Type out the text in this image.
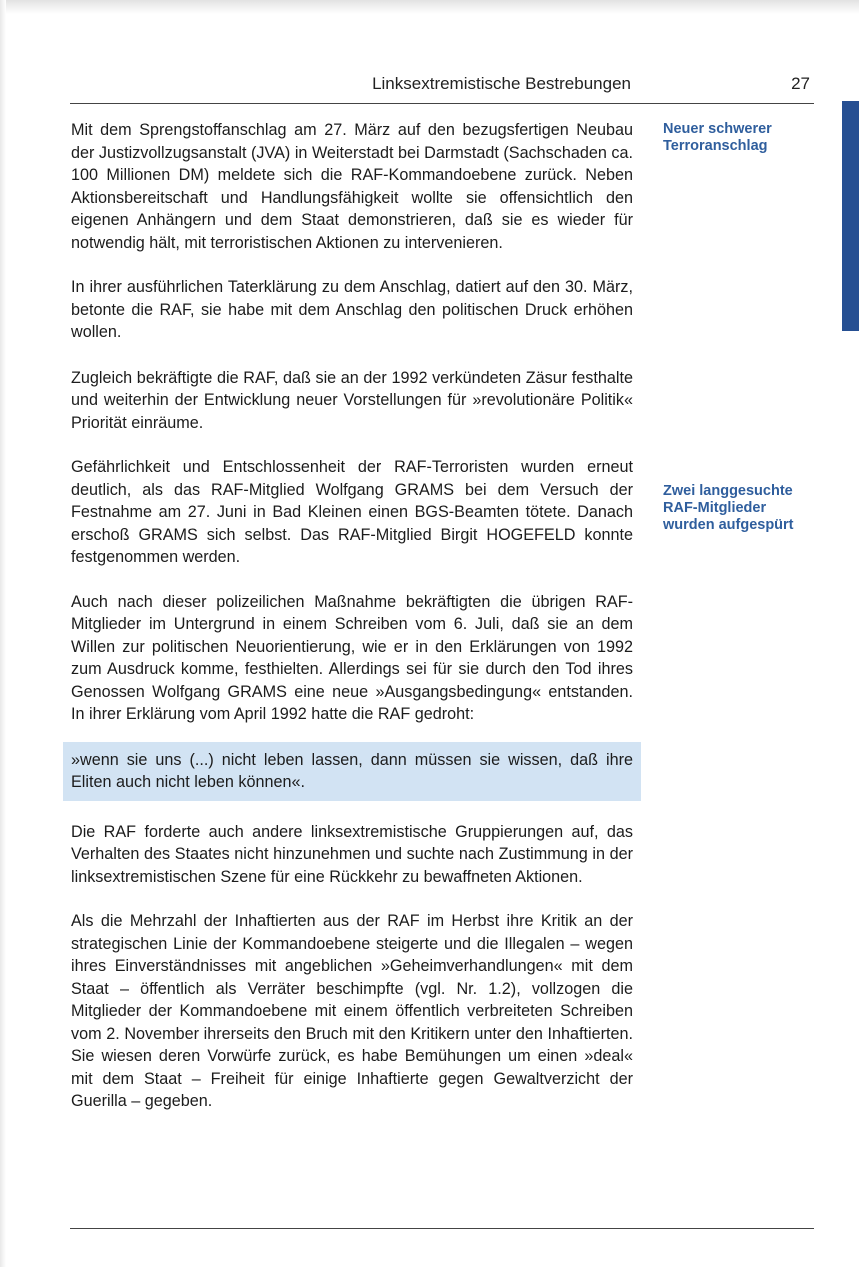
Linksextremistische Bestrebungen	27
Neuer schwerer
Terroranschlag
Zwei langgesuchte
RAF-Mitglieder
wurden aufgespürt

Mit dem Sprengstoffanschlag am 27. März auf den bezugsfertigen Neubau der Justizvollzugsanstalt (JVA) in Weiterstadt bei Darmstadt (Sachschaden ca. 100 Millionen DM) meldete sich die RAF-Kommandoebene zurück. Neben Aktionsbereitschaft und Handlungsfähigkeit wollte sie offensichtlich den eigenen Anhängern und dem Staat demonstrieren, daß sie es wieder für notwendig hält, mit terroristischen Aktionen zu intervenieren.

In ihrer ausführlichen Taterklärung zu dem Anschlag, datiert auf den 30. März, betonte die RAF, sie habe mit dem Anschlag den politischen Druck erhöhen wollen.

Zugleich bekräftigte die RAF, daß sie an der 1992 verkündeten Zäsur festhalte und weiterhin der Entwicklung neuer Vorstellungen für »revolutionäre Politik« Priorität einräume.

Gefährlichkeit und Entschlossenheit der RAF-Terroristen wurden erneut deutlich, als das RAF-Mitglied Wolfgang GRAMS bei dem Versuch der Festnahme am 27. Juni in Bad Kleinen einen BGS-Beamten tötete. Danach erschoß GRAMS sich selbst. Das RAF-Mitglied Birgit HOGEFELD konnte festgenommen werden.

Auch nach dieser polizeilichen Maßnahme bekräftigten die übrigen RAF-Mitglieder im Untergrund in einem Schreiben vom 6. Juli, daß sie an dem Willen zur politischen Neuorientierung, wie er in den Erklärungen von 1992 zum Ausdruck komme, festhielten. Allerdings sei für sie durch den Tod ihres Genossen Wolfgang GRAMS eine neue »Ausgangsbedingung« entstanden. In ihrer Erklärung vom April 1992 hatte die RAF gedroht:

»wenn sie uns (...) nicht leben lassen, dann müssen sie wissen, daß ihre Eliten auch nicht leben können«.

Die RAF forderte auch andere linksextremistische Gruppierungen auf, das Verhalten des Staates nicht hinzunehmen und suchte nach Zustimmung in der linksextremistischen Szene für eine Rückkehr zu bewaffneten Aktionen.

Als die Mehrzahl der Inhaftierten aus der RAF im Herbst ihre Kritik an der strategischen Linie der Kommandoebene steigerte und die Illegalen – wegen ihres Einverständnisses mit angeblichen »Geheimverhandlungen« mit dem Staat – öffentlich als Verräter beschimpfte (vgl. Nr. 1.2), vollzogen die Mitglieder der Kommandoebene mit einem öffentlich verbreiteten Schreiben vom 2. November ihrerseits den Bruch mit den Kritikern unter den Inhaftierten. Sie wiesen deren Vorwürfe zurück, es habe Bemühungen um einen »deal« mit dem Staat – Freiheit für einige Inhaftierte gegen Gewaltverzicht der Guerilla – gegeben.
